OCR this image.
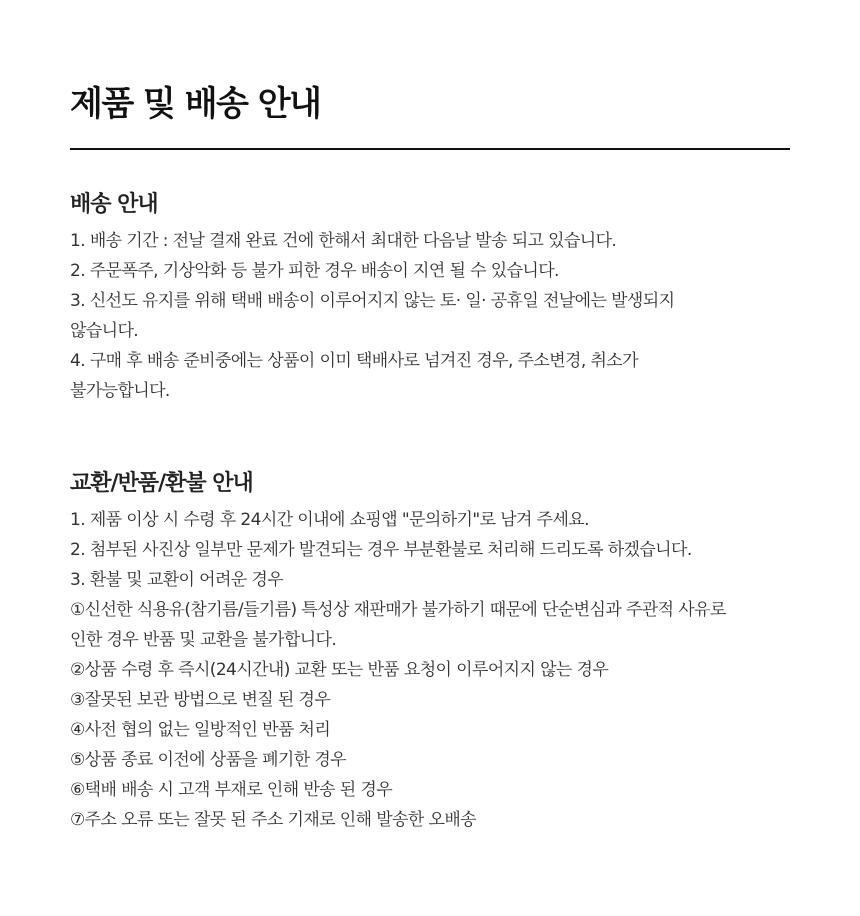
제품 및 배송 안내
배송 안내
1. 배송 기간 : 전날 결재 완료 건에 한해서 최대한 다음날 발송 되고 있습니다.
2. 주문폭주, 기상악화 등 불가 피한 경우 배송이 지연 될 수 있습니다.
3. 신선도 유지를 위해 택배 배송이 이루어지지 않는 토· 일· 공휴일 전날에는 발생되지
않습니다.
4. 구매 후 배송 준비중에는 상품이 이미 택배사로 넘겨진 경우, 주소변경, 취소가
불가능합니다.
교환/반품/환불 안내
1. 제품 이상 시 수령 후 24시간 이내에 쇼핑앱 "문의하기"로 남겨 주세요.
2. 첨부된 사진상 일부만 문제가 발견되는 경우 부분환불로 처리해 드리도록 하겠습니다.
3. 환불 및 교환이 어려운 경우
①신선한 식용유(참기름/들기름) 특성상 재판매가 불가하기 때문에 단순변심과 주관적 사유로
인한 경우 반품 및 교환을 불가합니다.
②상품 수령 후 즉시(24시간내) 교환 또는 반품 요청이 이루어지지 않는 경우
③잘못된 보관 방법으로 변질 된 경우
④사전 협의 없는 일방적인 반품 처리
⑤상품 종료 이전에 상품을 폐기한 경우
⑥택배 배송 시 고객 부재로 인해 반송 된 경우
⑦주소 오류 또는 잘못 된 주소 기재로 인해 발송한 오배송
